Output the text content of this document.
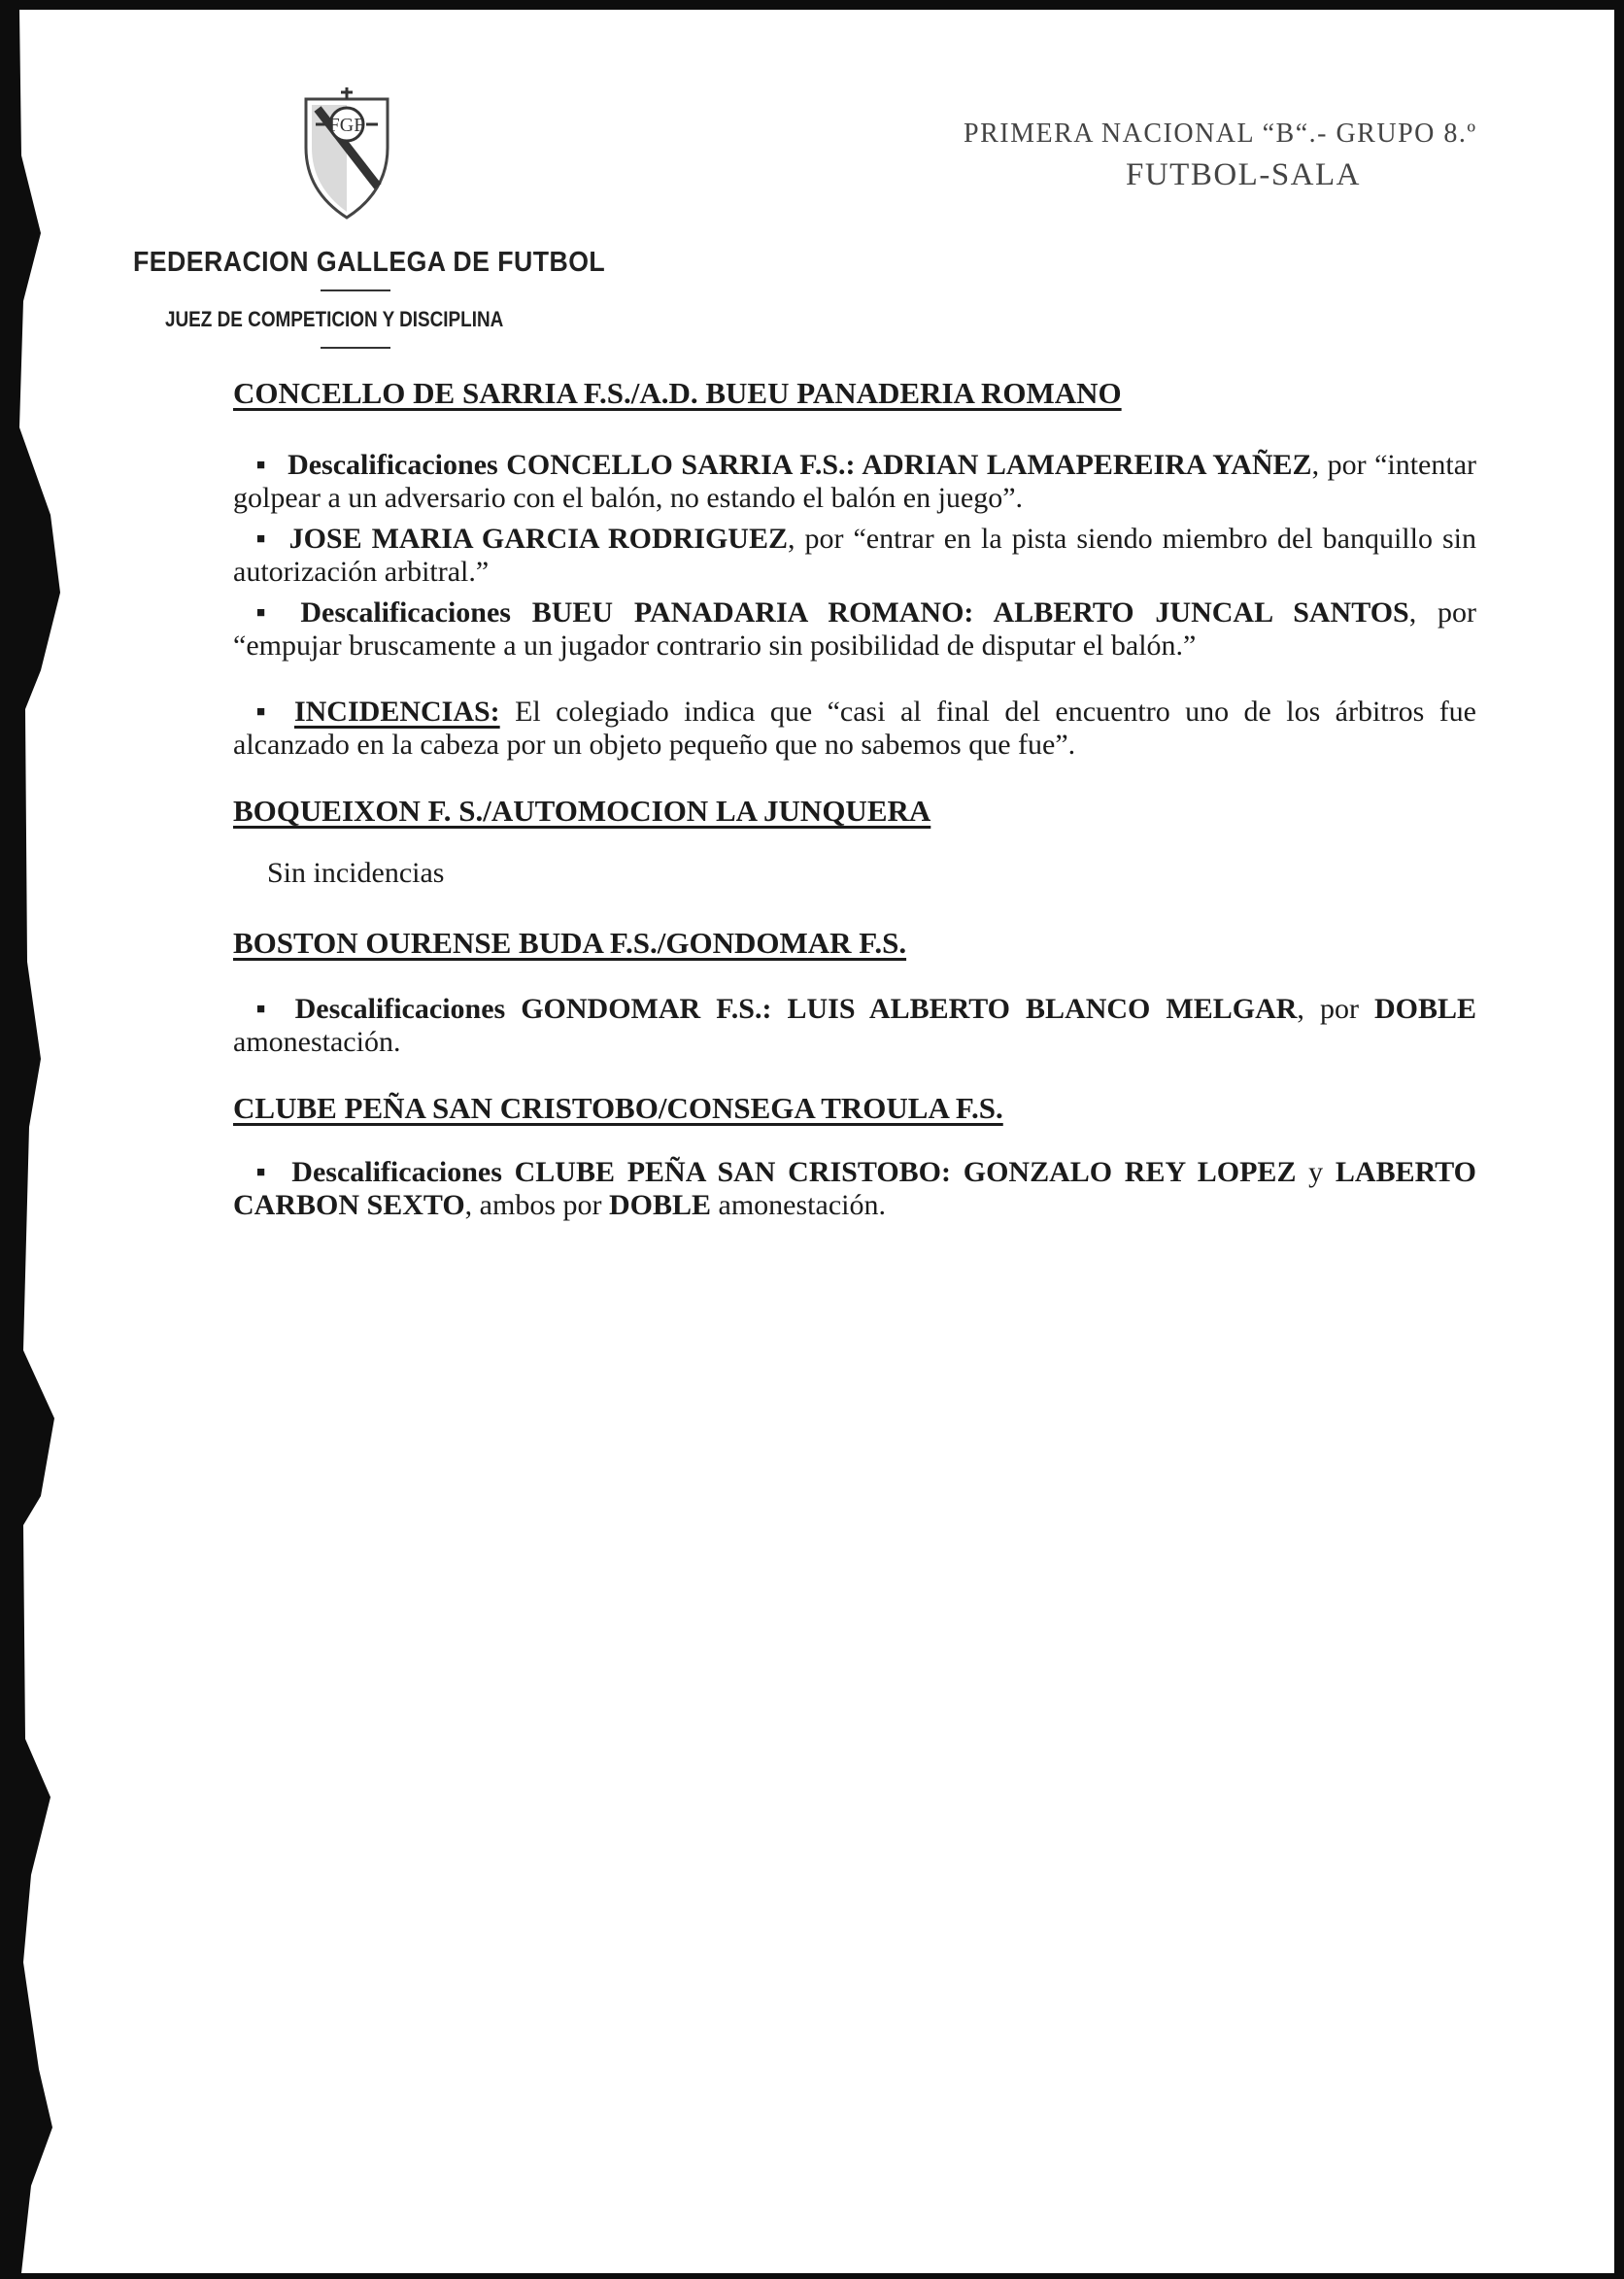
FGF
FEDERACION GALLEGA DE FUTBOL
JUEZ DE COMPETICION Y DISCIPLINA
PRIMERA NACIONAL “B“.- GRUPO 8.º
FUTBOL-SALA

CONCELLO DE SARRIA F.S./A.D. BUEU PANADERIA ROMANO

■ Descalificaciones CONCELLO SARRIA F.S.: ADRIAN LAMAPEREIRA YAÑEZ, por “intentar golpear a un adversario con el balón, no estando el balón en juego”.

■ JOSE MARIA GARCIA RODRIGUEZ, por “entrar en la pista siendo miembro del banquillo sin autorización arbitral.”

■ Descalificaciones BUEU PANADARIA ROMANO: ALBERTO JUNCAL SANTOS, por “empujar bruscamente a un jugador contrario sin posibilidad de disputar el balón.”

■ INCIDENCIAS: El colegiado indica que “casi al final del encuentro uno de los árbitros fue alcanzado en la cabeza por un objeto pequeño que no sabemos que fue”.

BOQUEIXON F. S./AUTOMOCION LA JUNQUERA

Sin incidencias

BOSTON OURENSE BUDA F.S./GONDOMAR F.S.

■ Descalificaciones GONDOMAR F.S.: LUIS ALBERTO BLANCO MELGAR, por DOBLE amonestación.

CLUBE PEÑA SAN CRISTOBO/CONSEGA TROULA F.S.

■ Descalificaciones CLUBE PEÑA SAN CRISTOBO: GONZALO REY LOPEZ y LABERTO CARBON SEXTO, ambos por DOBLE amonestación.
